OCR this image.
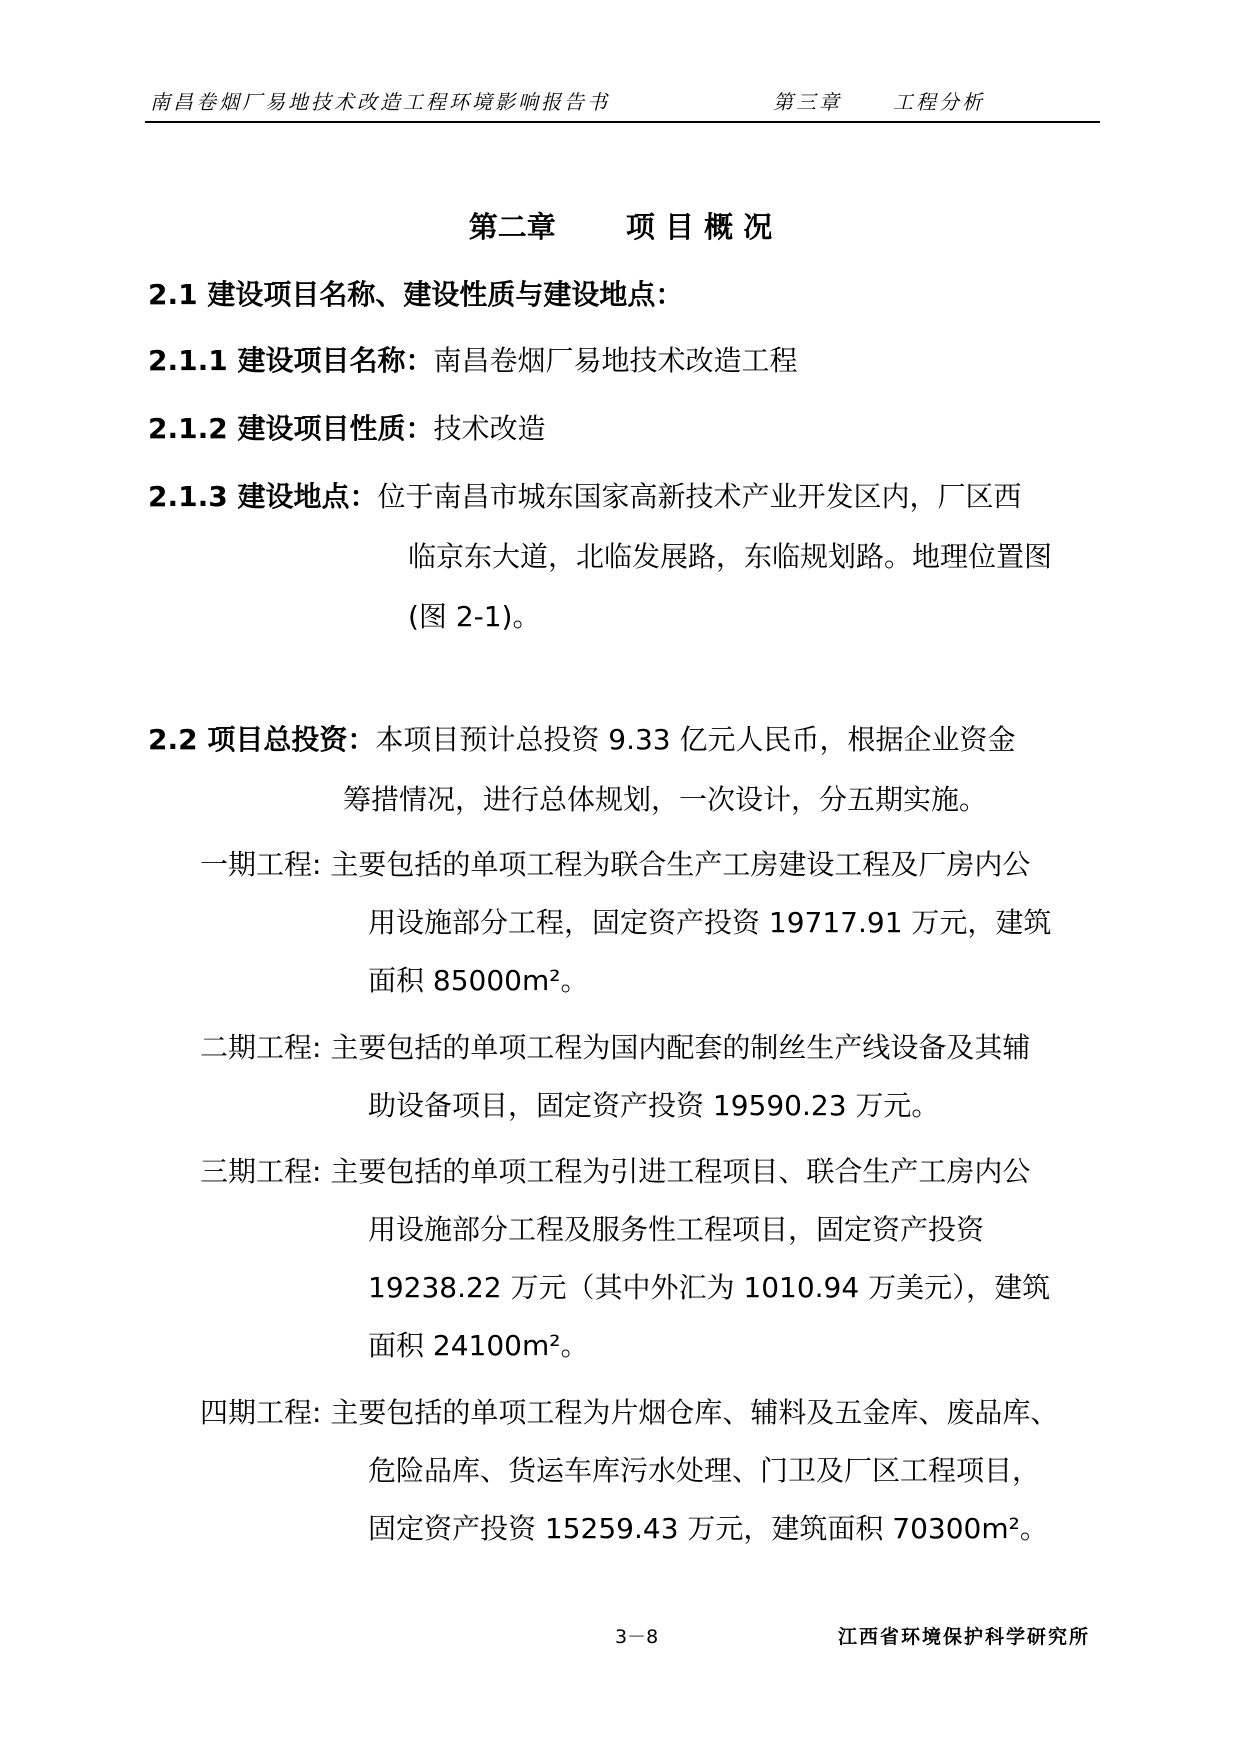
南昌卷烟厂易地技术改造工程环境影响报告书	第三章	工程分析
第二章 项 目 概 况
2.1 建设项目名称、建设性质与建设地点：
2.1.1 建设项目名称：南昌卷烟厂易地技术改造工程
2.1.2 建设项目性质：技术改造
2.1.3 建设地点：位于南昌市城东国家高新技术产业开发区内，厂区西
临京东大道，北临发展路，东临规划路。地理位置图
(图 2-1)。
2.2 项目总投资：本项目预计总投资 9.33 亿元人民币，根据企业资金
筹措情况，进行总体规划，一次设计，分五期实施。
一期工程: 主要包括的单项工程为联合生产工房建设工程及厂房内公
用设施部分工程，固定资产投资 19717.91 万元，建筑
面积 85000m²。
二期工程: 主要包括的单项工程为国内配套的制丝生产线设备及其辅
助设备项目，固定资产投资 19590.23 万元。
三期工程: 主要包括的单项工程为引进工程项目、联合生产工房内公
用设施部分工程及服务性工程项目，固定资产投资
19238.22 万元（其中外汇为 1010.94 万美元），建筑
面积 24100m²。
四期工程: 主要包括的单项工程为片烟仓库、辅料及五金库、废品库、
危险品库、货运车库污水处理、门卫及厂区工程项目，
固定资产投资 15259.43 万元，建筑面积 70300m²。
3－8	江西省环境保护科学研究所
